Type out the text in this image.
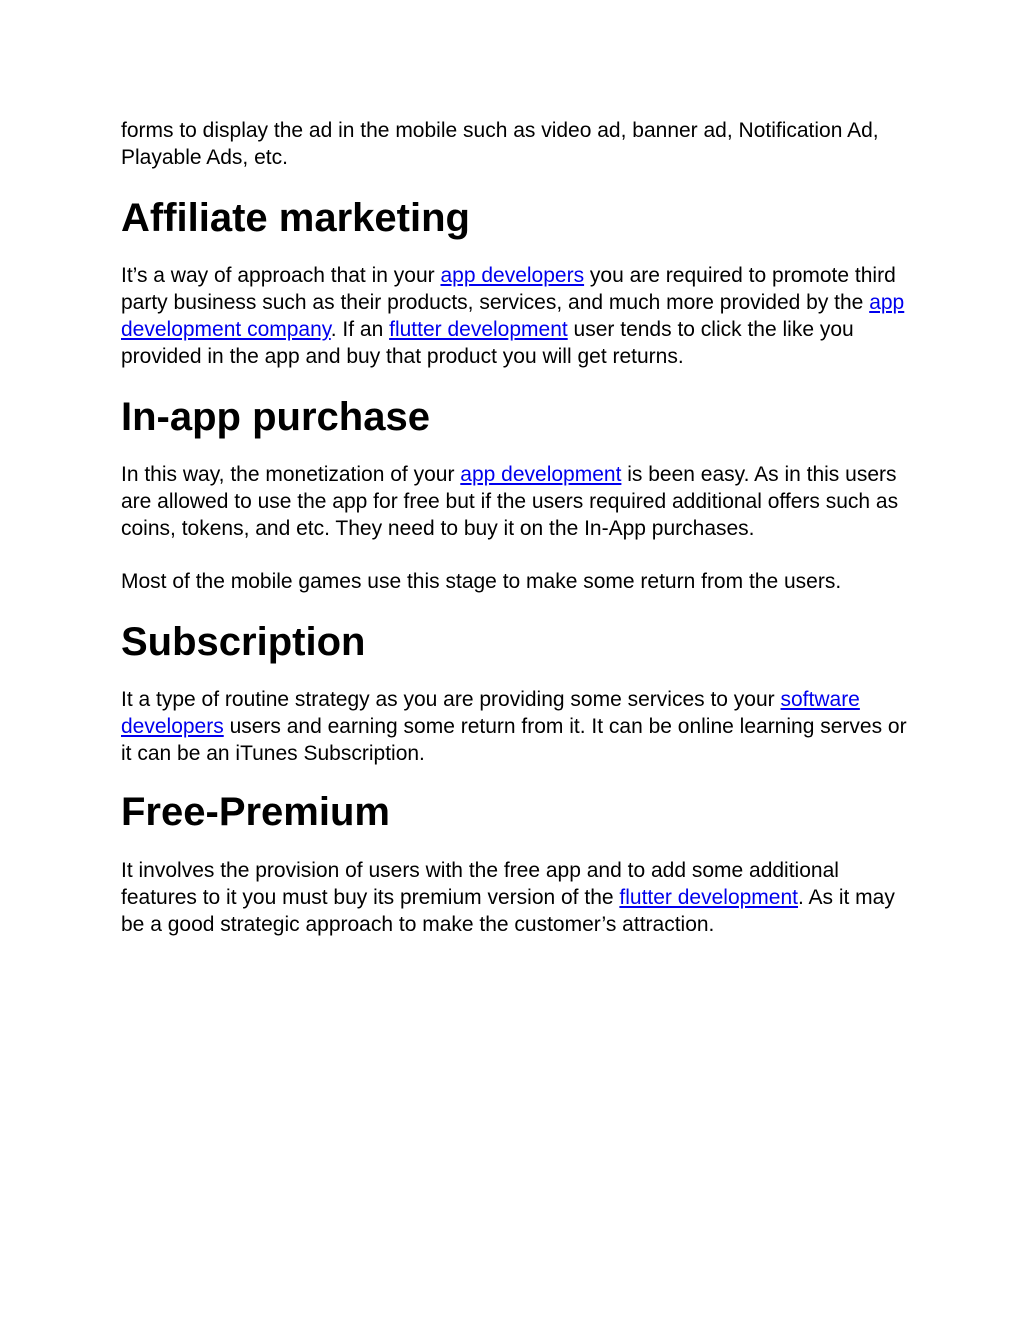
forms to display the ad in the mobile such as video ad, banner ad, Notification Ad, Playable Ads, etc.

Affiliate marketing

It’s a way of approach that in your app developers you are required to promote third party business such as their products, services, and much more provided by the app development company. If an flutter development user tends to click the like you provided in the app and buy that product you will get returns.

In-app purchase

In this way, the monetization of your app development is been easy. As in this users are allowed to use the app for free but if the users required additional offers such as coins, tokens, and etc. They need to buy it on the In-App purchases.

Most of the mobile games use this stage to make some return from the users.

Subscription

It a type of routine strategy as you are providing some services to your software developers users and earning some return from it. It can be online learning serves or it can be an iTunes Subscription.

Free-Premium

It involves the provision of users with the free app and to add some additional features to it you must buy its premium version of the flutter development. As it may be a good strategic approach to make the customer’s attraction.
